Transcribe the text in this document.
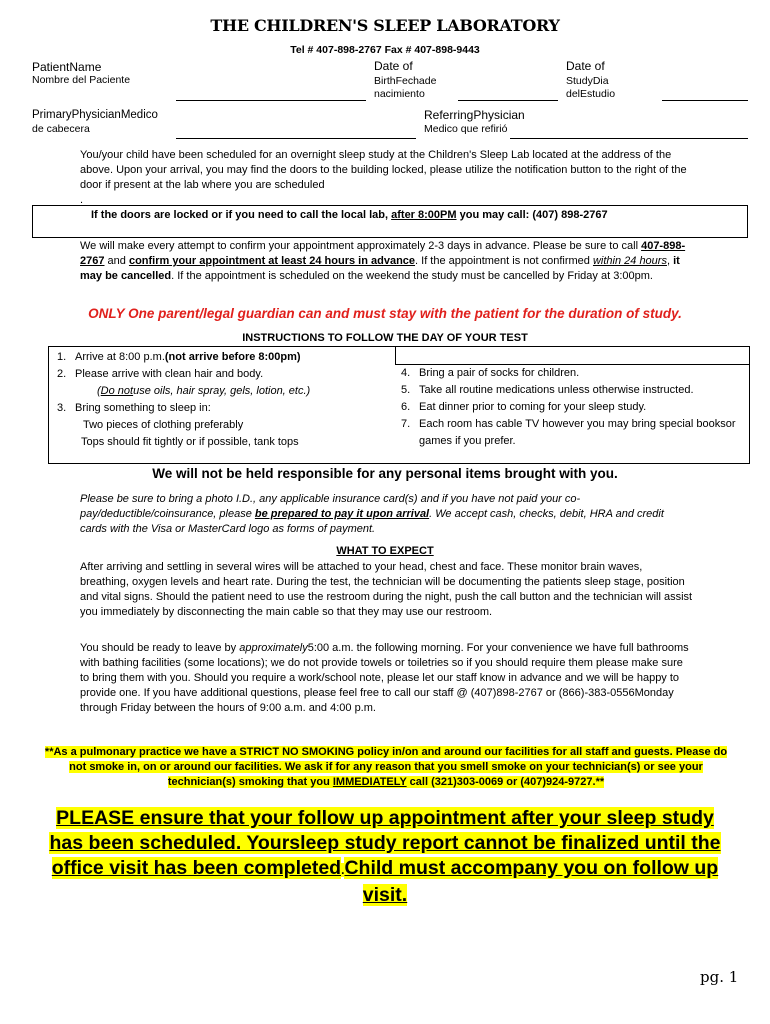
THE CHILDREN'S SLEEP LABORATORY
Tel # 407-898-2767 Fax # 407-898-9443
PatientName
Nombre del Paciente
Date of
BirthFechade
nacimiento
Date of
StudyDia
delEstudio
PrimaryPhysicianMedico
de cabecera
ReferringPhysician
Medico que refirió
You/your child have been scheduled for an overnight sleep study at the Children's Sleep Lab located at the address of the above. Upon your arrival, you may find the doors to the building locked, please utilize the notification button to the right of the door if present at the lab where you are scheduled
.
If the doors are locked or if you need to call the local lab, after 8:00PM you may call: (407) 898-2767
We will make every attempt to confirm your appointment approximately 2-3 days in advance. Please be sure to call 407-898-2767 and confirm your appointment at least 24 hours in advance. If the appointment is not confirmed within 24 hours, it may be cancelled. If the appointment is scheduled on the weekend the study must be cancelled by Friday at 3:00pm.
ONLY One parent/legal guardian can and must stay with the patient for the duration of study.
INSTRUCTIONS TO FOLLOW THE DAY OF YOUR TEST
1. Arrive at 8:00 p.m.(not arrive before 8:00pm)
2. Please arrive with clean hair and body.
( Do not use oils, hair spray, gels, lotion, etc.)
3. Bring something to sleep in:
Two pieces of clothing preferably
Tops should fit tightly or if possible, tank tops
4. Bring a pair of socks for children.
5. Take all routine medications unless otherwise instructed.
6. Eat dinner prior to coming for your sleep study.
7. Each room has cable TV however you may bring special booksor games if you prefer.
We will not be held responsible for any personal items brought with you.
Please be sure to bring a photo I.D., any applicable insurance card(s) and if you have not paid your co-pay/deductible/coinsurance, please be prepared to pay it upon arrival. We accept cash, checks, debit, HRA and credit cards with the Visa or MasterCard logo as forms of payment.
WHAT TO EXPECT
After arriving and settling in several wires will be attached to your head, chest and face. These monitor brain waves, breathing, oxygen levels and heart rate. During the test, the technician will be documenting the patients sleep stage, position and vital signs. Should the patient need to use the restroom during the night, push the call button and the technician will assist you immediately by disconnecting the main cable so that they may use our restroom.
You should be ready to leave by approximately5:00 a.m. the following morning. For your convenience we have full bathrooms with bathing facilities (some locations); we do not provide towels or toiletries so if you should require them please make sure to bring them with you. Should you require a work/school note, please let our staff know in advance and we will be happy to provide one. If you have additional questions, please feel free to call our staff @ (407)898-2767 or (866)-383-0556Monday through Friday between the hours of 9:00 a.m. and 4:00 p.m.
**As a pulmonary practice we have a STRICT NO SMOKING policy in/on and around our facilities for all staff and guests. Please do not smoke in, on or around our facilities. We ask if for any reason that you smell smoke on your technician(s) or see your technician(s) smoking that you IMMEDIATELY call (321)303-0069 or (407)924-9727.**
PLEASE ensure that your follow up appointment after your sleep study
has been scheduled. Yoursleep study report cannot be finalized until the
office visit has been completed.Child must accompany you on follow up
visit.
pg. 1
